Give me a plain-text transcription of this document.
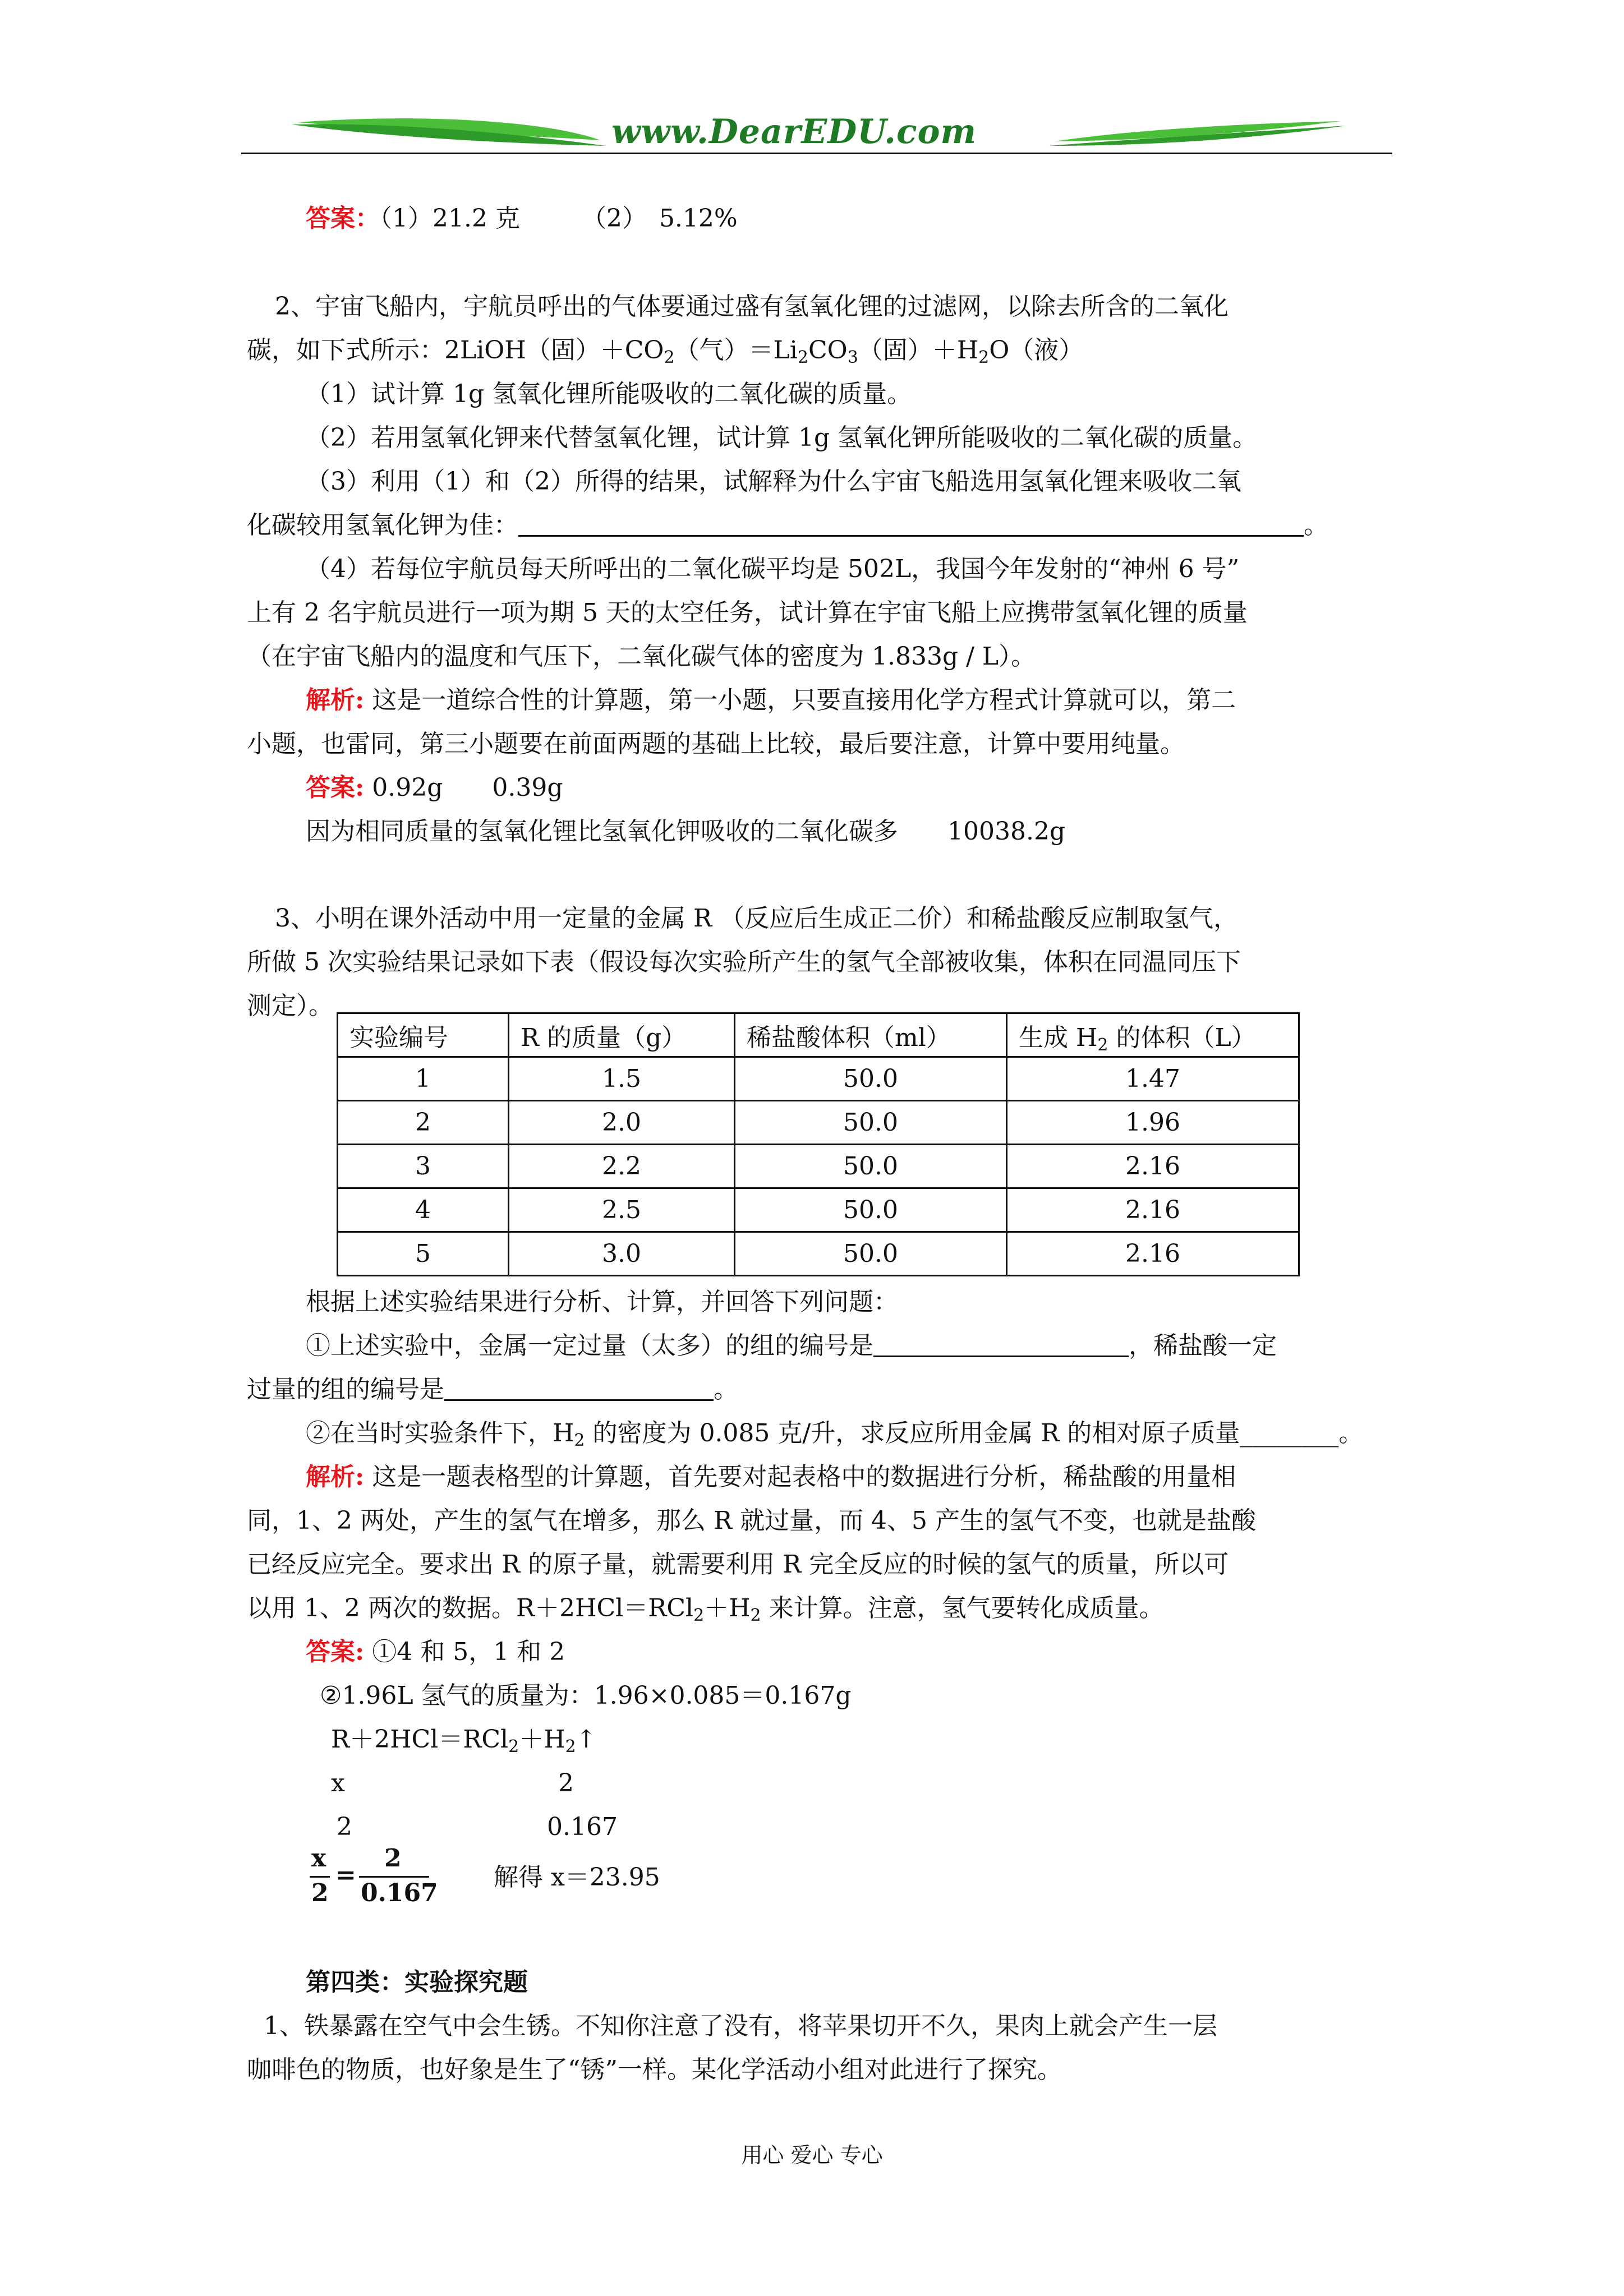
www.DearEDU.com
答案：（1）21.2 克　　　（2）　5.12%
2、宇宙飞船内，宇航员呼出的气体要通过盛有氢氧化锂的过滤网，以除去所含的二氧化
碳，如下式所示：2LiOH（固）$+CO_2$（气）$=Li_2CO_3$（固）$+H_2O$（液）
（1）试计算 1g 氢氧化锂所能吸收的二氧化碳的质量。
（2）若用氢氧化钾来代替氢氧化锂，试计算 1g 氢氧化钾所能吸收的二氧化碳的质量。
（3）利用（1）和（2）所得的结果，试解释为什么宇宙飞船选用氢氧化锂来吸收二氧
化碳较用氢氧化钾为佳：	。
（4）若每位宇航员每天所呼出的二氧化碳平均是 502L，我国今年发射的“神州 6 号”
上有 2 名宇航员进行一项为期 5 天的太空任务，试计算在宇宙飞船上应携带氢氧化锂的质量
（在宇宙飞船内的温度和气压下，二氧化碳气体的密度为 1.833g / L）。
解析: 这是一道综合性的计算题，第一小题，只要直接用化学方程式计算就可以，第二
小题，也雷同，第三小题要在前面两题的基础上比较，最后要注意，计算中要用纯量。
答案: 0.92g　　0.39g
因为相同质量的氢氧化锂比氢氧化钾吸收的二氧化碳多　　10038.2g
3、小明在课外活动中用一定量的金属 R （反应后生成正二价）和稀盐酸反应制取氢气，
所做 5 次实验结果记录如下表（假设每次实验所产生的氢气全部被收集，体积在同温同压下
测定）。
实验编号	R 的质量（g）	稀盐酸体积（ml）	生成 $H_2$ 的体积（L）
1	1.5	50.0	1.47
2	2.0	50.0	1.96
3	2.2	50.0	2.16
4	2.5	50.0	2.16
5	3.0	50.0	2.16
根据上述实验结果进行分析、计算，并回答下列问题：
①上述实验中，金属一定过量（太多）的组的编号是	，稀盐酸一定
过量的组的编号是	。
②在当时实验条件下，$H_2$ 的密度为 0.085 克/升，求反应所用金属 R 的相对原子质量________。
解析: 这是一题表格型的计算题，首先要对起表格中的数据进行分析，稀盐酸的用量相
同，1、2 两处，产生的氢气在增多，那么 R 就过量，而 4、5 产生的氢气不变，也就是盐酸
已经反应完全。要求出 R 的原子量，就需要利用 R 完全反应的时候的氢气的质量，所以可
以用 1、2 两次的数据。$R+2HCl=RCl_2+H_2$ 来计算。注意，氢气要转化成质量。
答案: ①4 和 5，1 和 2
②1.96L 氢气的质量为：1.96×0.085＝0.167g
$R+2HCl=RCl_2+H_2↑$
x	2
2	0.167
x
2
=
2
0.167
解得 x＝23.95
第四类：实验探究题
1、铁暴露在空气中会生锈。不知你注意了没有，将苹果切开不久，果肉上就会产生一层
咖啡色的物质，也好象是生了“锈”一样。某化学活动小组对此进行了探究。
用心 爱心 专心
